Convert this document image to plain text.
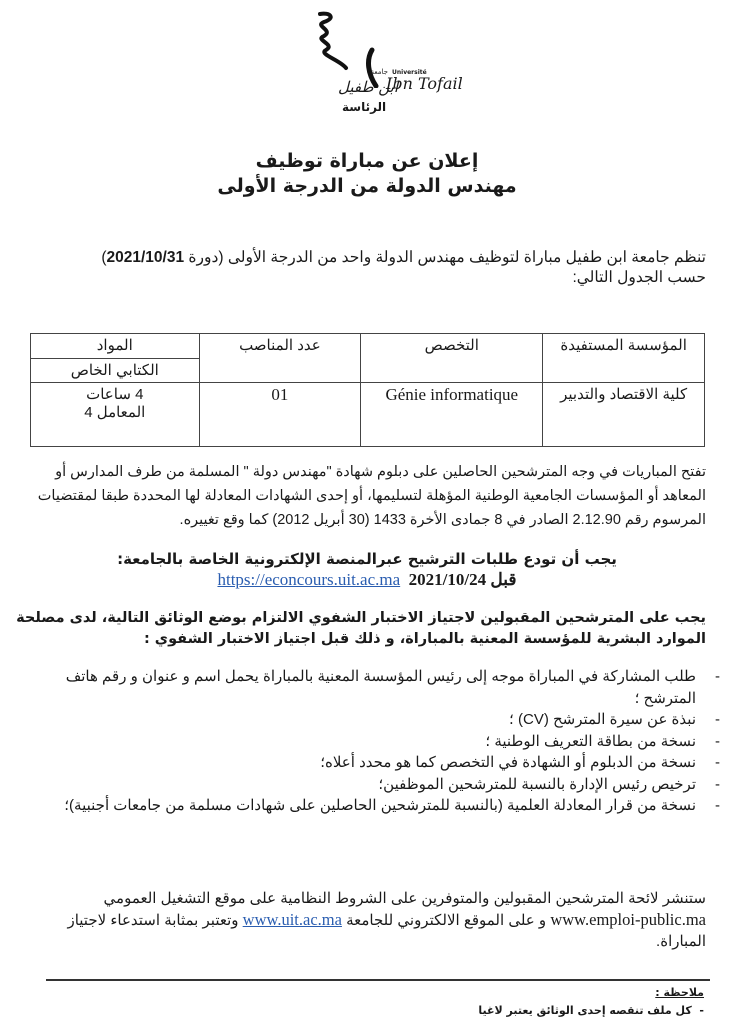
جامعة
ابن طفيل
Université
Ibn Tofail
الرئاسة
إعلان عن مباراة توظيف
مهندس الدولة من الدرجة الأولى
تنظم جامعة ابن طفيل مباراة لتوظيف مهندس الدولة واحد من الدرجة الأولى (دورة 2021/10/31)
حسب الجدول التالي:
المؤسسة المستفيدة	التخصص	عدد المناصب	المواد
			الكتابي الخاص
كلية الاقتصاد والتدبير	Génie informatique	01	4 ساعات
المعامل 4
تفتح المباريات في وجه المترشحين الحاصلين على دبلوم شهادة "مهندس دولة " المسلمة من طرف المدارس أو المعاهد أو المؤسسات الجامعية الوطنية المؤهلة لتسليمها، أو إحدى الشهادات المعادلة لها المحددة طبقا لمقتضيات المرسوم رقم 2.12.90 الصادر في 8 جمادى الأخرة 1433 (30 أبريل 2012) كما وقع تغييره.
يجب أن تودع طلبات الترشيح عبرالمنصة الإلكترونية الخاصة بالجامعة:
قبل 2021/10/24  https://econcours.uit.ac.ma
يجب على المترشحين المقبولين لاجتياز الاختبار الشفوي الالتزام بوضع الوثائق التالية، لدى مصلحة الموارد البشرية للمؤسسة المعنية بالمباراة، و ذلك قبل اجتياز الاختبار الشفوي :
-
طلب المشاركة في المباراة موجه إلى رئيس المؤسسة المعنية بالمباراة يحمل اسم و عنوان و رقم هاتف المترشح ؛
-
نبذة عن سيرة المترشح (CV) ؛
-
نسخة من بطاقة التعريف الوطنية ؛
-
نسخة من الدبلوم أو الشهادة في التخصص كما هو محدد أعلاه؛
-
ترخيص رئيس الإدارة بالنسبة للمترشحين الموظفين؛
-
نسخة من قرار المعادلة العلمية (بالنسبة للمترشحين الحاصلين على شهادات مسلمة من جامعات أجنبية)؛
ستنشر لائحة المترشحين المقبولين والمتوفرين على الشروط النظامية على موقع التشغيل العمومي www.emploi-public.ma و على الموقع الالكتروني للجامعة www.uit.ac.ma وتعتبر بمثابة استدعاء لاجتياز المباراة.
ملاحظة :
-  كل ملف تنقصه إحدى الوثائق يعتبر لاغيا
